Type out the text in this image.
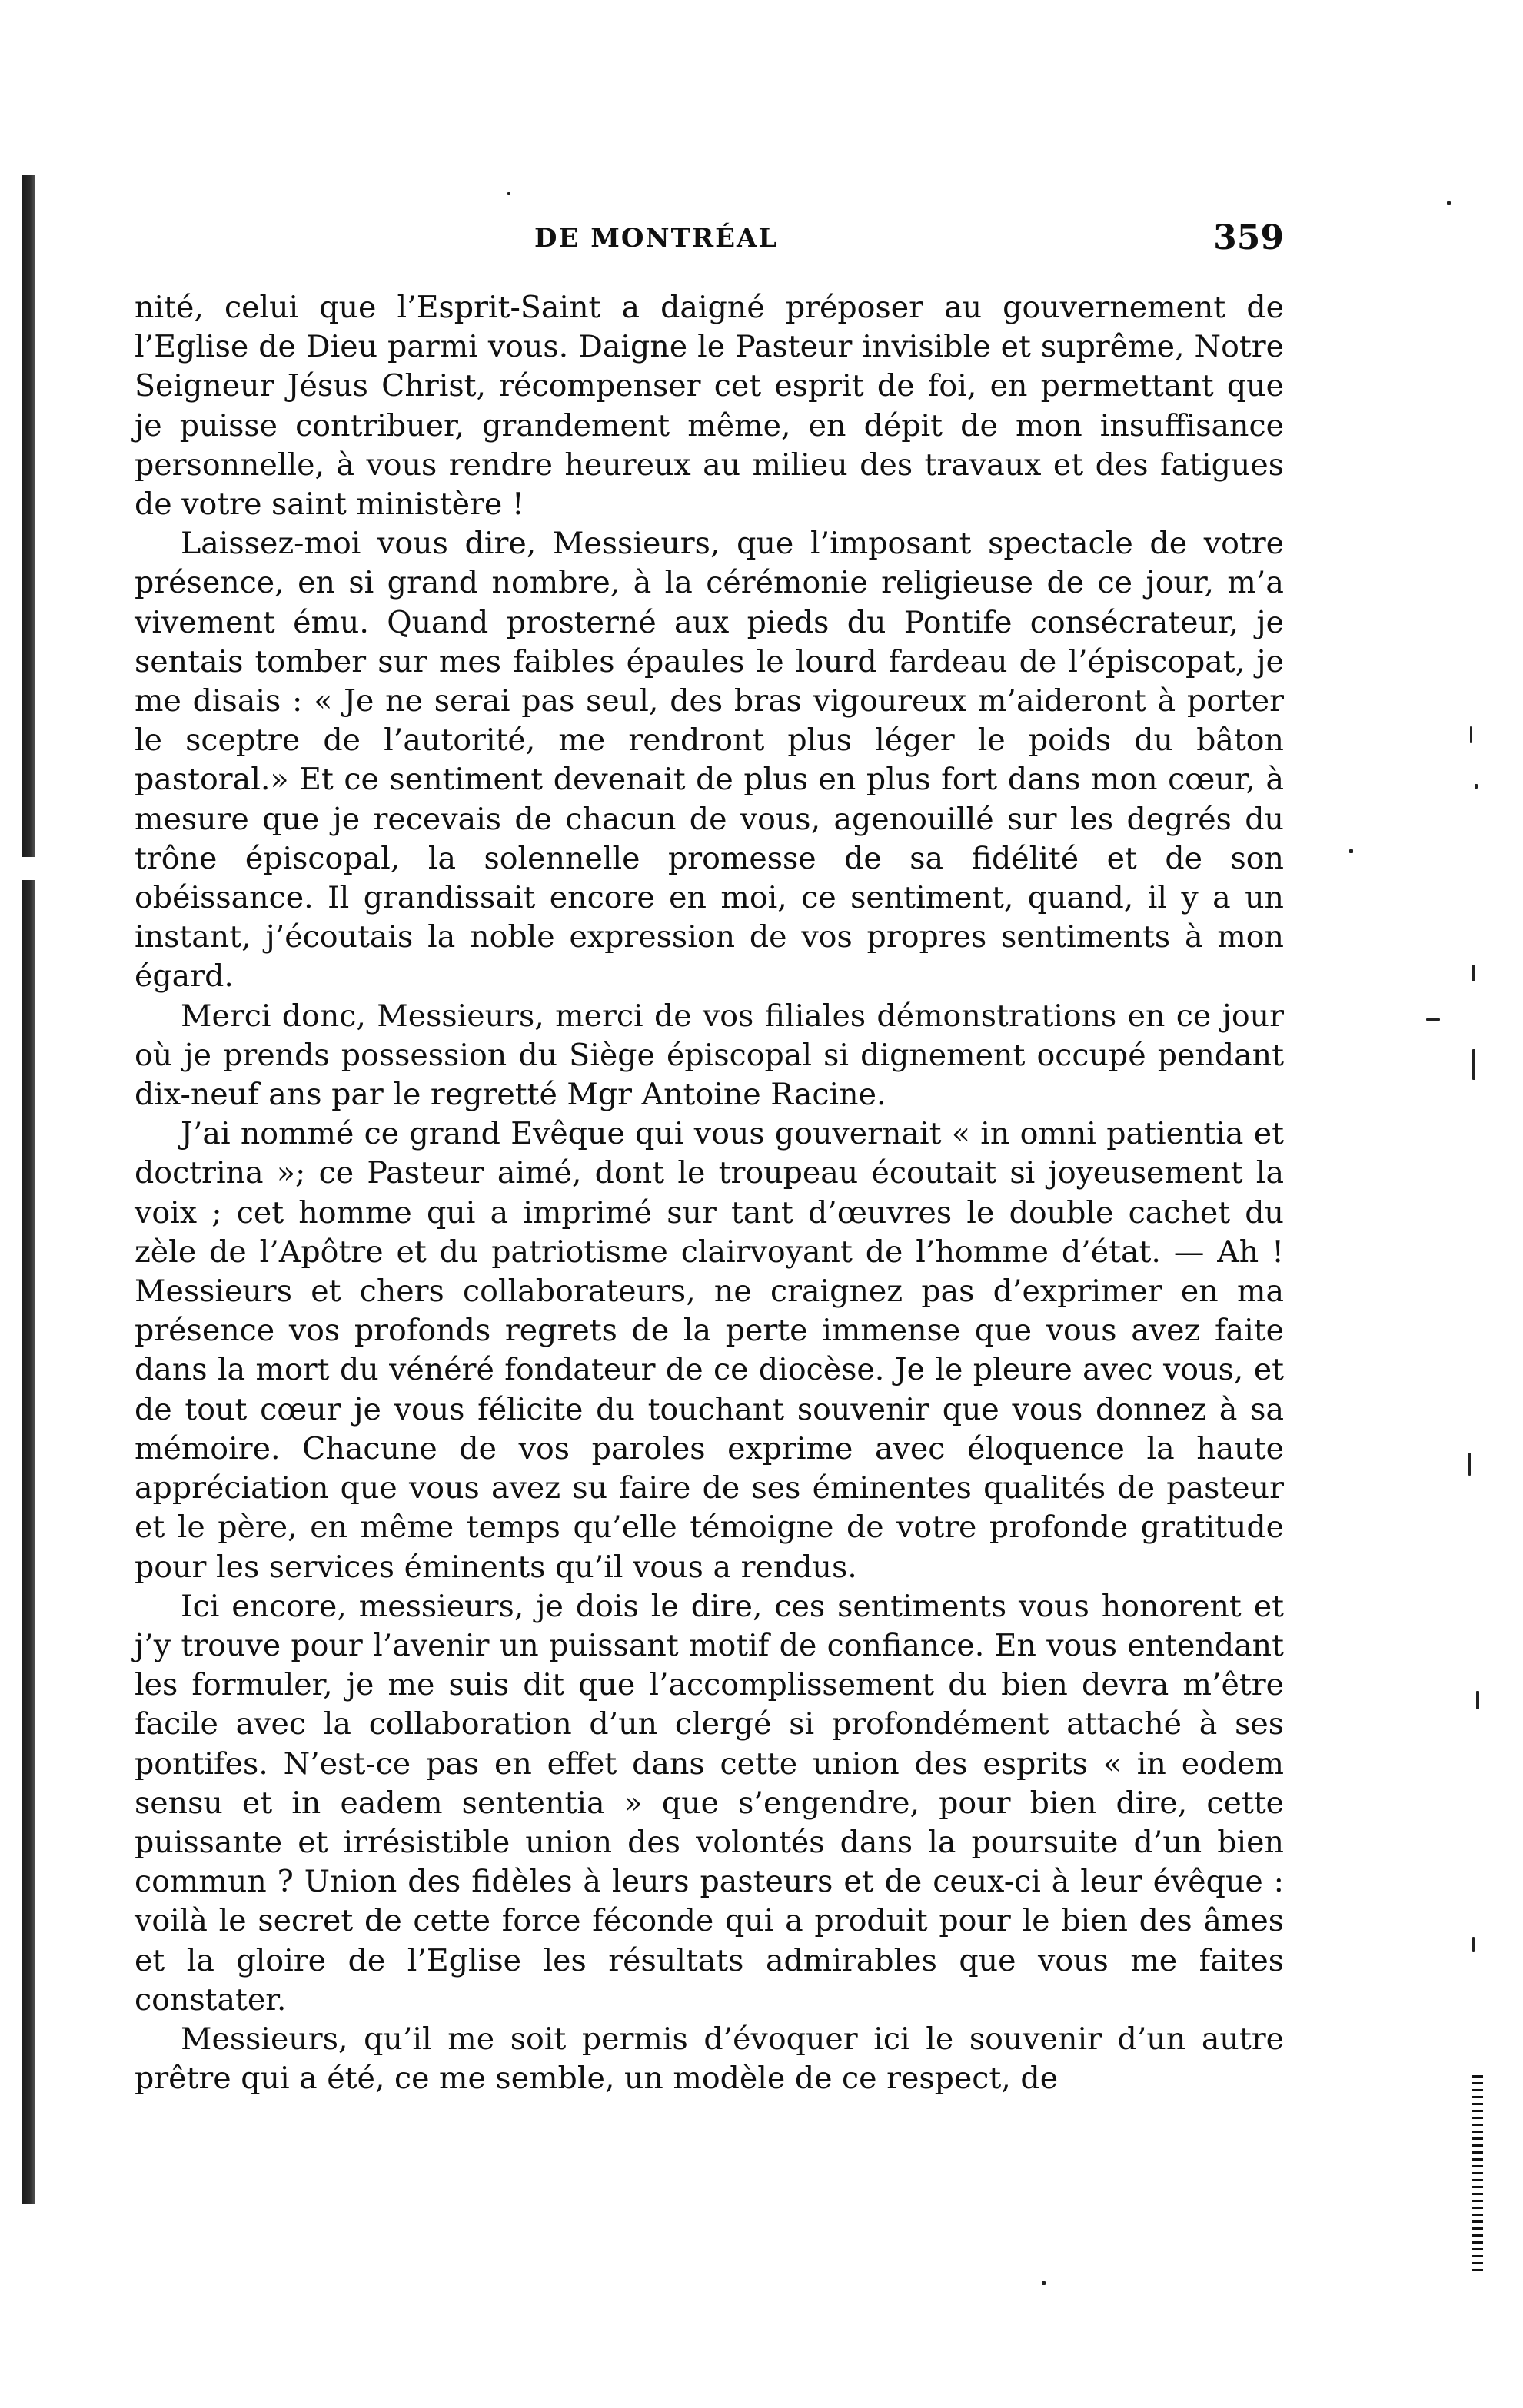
DE MONTRÉAL	359

nité, celui que l’Esprit-Saint a daigné préposer au gouvernement de l’Eglise de Dieu parmi vous. Daigne le Pasteur invisible et suprême, Notre Seigneur Jésus Christ, récompenser cet esprit de foi, en permettant que je puisse contribuer, grandement même, en dépit de mon insuffisance personnelle, à vous rendre heureux au milieu des travaux et des fatigues de votre saint ministère !

Laissez-moi vous dire, Messieurs, que l’imposant spectacle de votre présence, en si grand nombre, à la cérémonie religieuse de ce jour, m’a vivement ému. Quand prosterné aux pieds du Pontife consécrateur, je sentais tomber sur mes faibles épaules le lourd fardeau de l’épiscopat, je me disais : « Je ne serai pas seul, des bras vigoureux m’aideront à porter le sceptre de l’autorité, me rendront plus léger le poids du bâton pastoral.» Et ce sentiment devenait de plus en plus fort dans mon cœur, à mesure que je recevais de chacun de vous, agenouillé sur les degrés du trône épiscopal, la solennelle promesse de sa fidélité et de son obéissance. Il grandissait encore en moi, ce sentiment, quand, il y a un instant, j’écoutais la noble expression de vos propres sentiments à mon égard.

Merci donc, Messieurs, merci de vos filiales démonstrations en ce jour où je prends possession du Siège épiscopal si dignement occupé pendant dix-neuf ans par le regretté Mgr Antoine Racine.

J’ai nommé ce grand Evêque qui vous gouvernait « in omni patientia et doctrina »; ce Pasteur aimé, dont le troupeau écoutait si joyeusement la voix ; cet homme qui a imprimé sur tant d’œuvres le double cachet du zèle de l’Apôtre et du patriotisme clairvoyant de l’homme d’état. — Ah ! Messieurs et chers collaborateurs, ne craignez pas d’exprimer en ma présence vos profonds regrets de la perte immense que vous avez faite dans la mort du vénéré fondateur de ce diocèse. Je le pleure avec vous, et de tout cœur je vous félicite du touchant souvenir que vous donnez à sa mémoire. Chacune de vos paroles exprime avec éloquence la haute appréciation que vous avez su faire de ses éminentes qualités de pasteur et le père, en même temps qu’elle témoigne de votre profonde gratitude pour les services éminents qu’il vous a rendus.

Ici encore, messieurs, je dois le dire, ces sentiments vous honorent et j’y trouve pour l’avenir un puissant motif de confiance. En vous entendant les formuler, je me suis dit que l’accomplissement du bien devra m’être facile avec la collaboration d’un clergé si profondément attaché à ses pontifes. N’est-ce pas en effet dans cette union des esprits « in eodem sensu et in eadem sententia » que s’engendre, pour bien dire, cette puissante et irrésistible union des volontés dans la poursuite d’un bien commun ? Union des fidèles à leurs pasteurs et de ceux-ci à leur évêque : voilà le secret de cette force féconde qui a produit pour le bien des âmes et la gloire de l’Eglise les résultats admirables que vous me faites constater.

Messieurs, qu’il me soit permis d’évoquer ici le souvenir d’un autre prêtre qui a été, ce me semble, un modèle de ce respect, de
